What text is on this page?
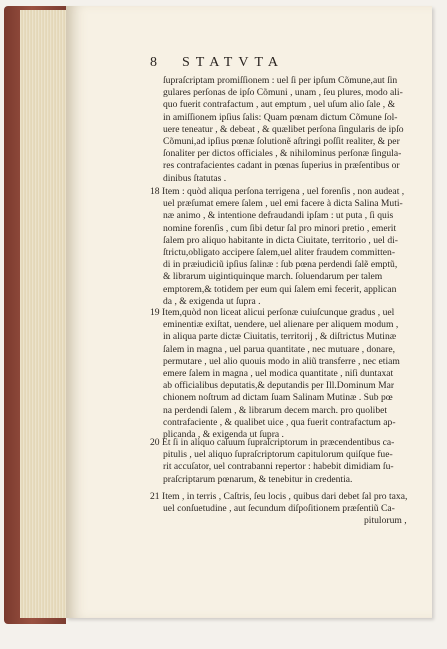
8 STATVTA
ſupraſcriptam promiſſionem : uel ſi per ipſum Cõmune,aut ſin
gulares perſonas de ipſo Cõmuni , unam , ſeu plures, modo ali-
quo fuerit contrafactum , aut emptum , uel uſum alio ſale , &
in amiſſionem ipſius ſalis: Quam pœnam dictum Cõmune ſol-
uere teneatur , & debeat , & quælibet perſona ſingularis de ipſo
Cõmuni,ad ipſius pœnæ ſolutionẽ aſtringi poſſit realiter, & per
ſonaliter per dictos officiales , & nihilominus perſonæ ſingula-
res contrafacientes cadant in pœnas ſuperius in præſentibus or
dinibus ſtatutas .
18 Item : quòd aliqua perſona terrigena , uel forenſis , non audeat ,
uel præſumat emere ſalem , uel emi facere à dicta Salina Muti-
næ animo , & intentione defraudandi ipſam : ut puta , ſi quis
nomine forenſis , cum ſibi detur ſal pro minori pretio , emerit
ſalem pro aliquo habitante in dicta Ciuitate, territorio , uel di-
ſtrictu,obligato accipere ſalem,uel aliter fraudem committen-
di in præiudiciũ ipſius ſalinæ : ſub pœna perdendi ſalẽ emptũ,
& librarum uigintiquinque march. ſoluendarum per talem
emptorem,& totidem per eum qui ſalem emi fecerit, applican
da , & exigenda ut ſupra .
19 Item,quòd non liceat alicui perſonæ cuiuſcunque gradus , uel
eminentiæ exiſtat, uendere, uel alienare per aliquem modum ,
in aliqua parte dictæ Ciuitatis, territorij , & diſtrictus Mutinæ
ſalem in magna , uel parua quantitate , nec mutuare , donare,
permutare , uel alio quouis modo in aliũ transferre , nec etiam
emere ſalem in magna , uel modica quantitate , niſi duntaxat
ab officialibus deputatis,& deputandis per Ill.Dominum Mar
chionem noſtrum ad dictam ſuam Salinam Mutinæ . Sub pœ
na perdendi ſalem , & librarum decem march. pro quolibet
contrafaciente , & qualibet uice , qua fuerit contrafactum ap-
plicanda , & exigenda ut ſupra .
20 Et ſi in aliquo caſuum ſupraſcriptorum in præcendentibus ca-
pitulis , uel aliquo ſupraſcriptorum capitulorum quiſque fue-
rit accuſator, uel contrabanni repertor : habebit dimidiam ſu-
praſcriptarum pœnarum, & tenebitur in credentia.
21 Item , in terris , Caſtris, ſeu locis , quibus dari debet ſal pro taxa,
uel conſuetudine , aut ſecundum diſpoſitionem præſentiũ Ca-
pitulorum ,
